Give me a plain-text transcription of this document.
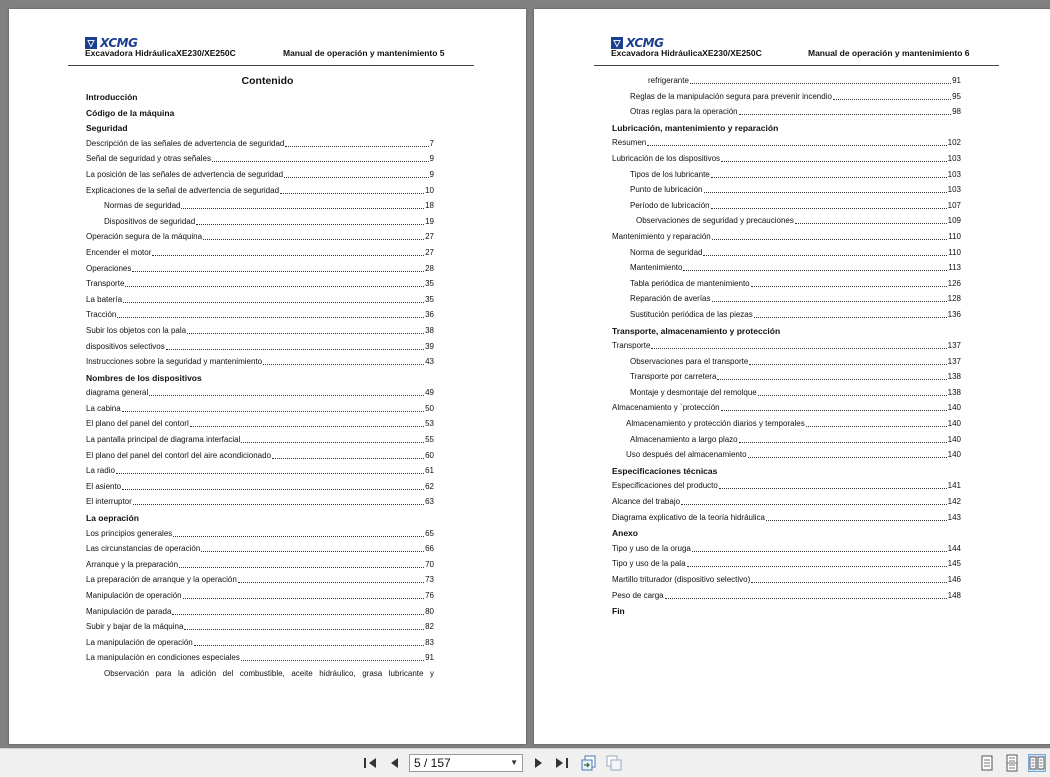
▽ XCMG
Excavadora HidráulicaXE230/XE250C	Manual de operación y mantenimiento 5
Contenido
Introducción
Código de la máquina
Seguridad
Descripción de las señales de advertencia de seguridad	7
Señal de seguridad y otras señales	9
La posición de las señales de advertencia de seguridad	9
Explicaciones de la señal de advertencia de seguridad	10
Normas de seguridad	18
Dispositivos de seguridad	19
Operación segura de la máquina	27
Encender el motor	27
Operaciones	28
Transporte	35
La batería	35
Tracción	36
Subir los objetos con la pala	38
dispositivos selectivos	39
Instrucciones sobre la seguridad y mantenimiento	43
Nombres de los dispositivos
diagrama general	49
La cabina	50
El plano del panel del contorl	53
La pantalla principal de diagrama interfacial	55
El plano del panel del contorl del aire acondicionado	60
La radio	61
El asiento	62
El interruptor	63
La oepración
Los principios generales	65
Las circunstancias de operación	66
Arranque y la preparación	70
La preparación de arranque y la operación	73
Manipulación de operación	76
Manipulación de parada	80
Subir y bajar de la máquina	82
La manipulación de operación	83
La manipulación en condiciones especiales	91
Observación para la adición del combustible, aceite hidráulico, grasa lubricante y
▽ XCMG
Excavadora HidráulicaXE230/XE250C	Manual de operación y mantenimiento 6
refrigerante	91
Reglas de la manipulación segura para prevenir incendio	95
Otras reglas para la operación	98
Lubricación, mantenimiento y reparación
Resumen	102
Lubricación de los dispositivos	103
Tipos de los lubricante	103
Punto de lubricación	103
Período de lubricación	107
Observaciones de seguridad y precauciones	109
Mantenimiento y reparación	110
Norma de seguridad	110
Mantenimiento	113
Tabla periódica de mantenimiento	126
Reparación de averías	128
Sustitución periódica de las piezas	136
Transporte, almacenamiento y protección
Transporte	137
Observaciones para el transporte	137
Transporte por carretera	138
Montaje y desmontaje del remolque	138
Almacenamiento y `protección	140
Almacenamiento y protección diarios y temporales	140
Almacenamiento a largo plazo	140
Uso después del almacenamiento	140
Especificaciones técnicas
Especificaciones del producto	141
Alcance del trabajo	142
Diagrama explicativo de la teoría hidráulica	143
Anexo
Tipo y uso de la oruga	144
Tipo y uso de la pala	145
Martillo triturador (dispositivo selectivo)	146
Peso de carga	148
Fin
5 / 157	▼
